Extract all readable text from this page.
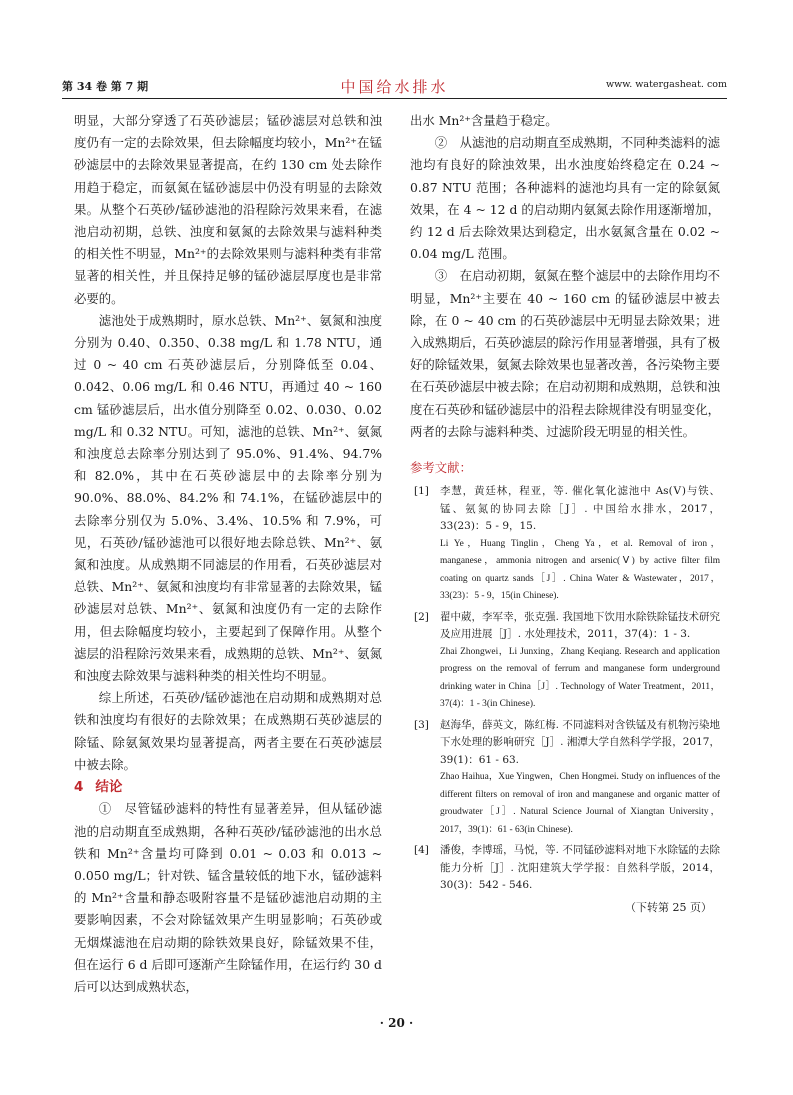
第 34 卷 第 7 期	中国给水排水	www. watergasheat. com

明显，大部分穿透了石英砂滤层；锰砂滤层对总铁和浊度仍有一定的去除效果，但去除幅度均较小，Mn²⁺在锰砂滤层中的去除效果显著提高，在约 130 cm 处去除作用趋于稳定，而氨氮在锰砂滤层中仍没有明显的去除效果。从整个石英砂/锰砂滤池的沿程除污效果来看，在滤池启动初期，总铁、浊度和氨氮的去除效果与滤料种类的相关性不明显，Mn²⁺的去除效果则与滤料种类有非常显著的相关性，并且保持足够的锰砂滤层厚度也是非常必要的。

滤池处于成熟期时，原水总铁、Mn²⁺、氨氮和浊度分别为 0.40、0.350、0.38 mg/L 和 1.78 NTU，通过 0 ~ 40 cm 石英砂滤层后，分别降低至 0.04、0.042、0.06 mg/L 和 0.46 NTU，再通过 40 ~ 160 cm 锰砂滤层后，出水值分别降至 0.02、0.030、0.02 mg/L 和 0.32 NTU。可知，滤池的总铁、Mn²⁺、氨氮和浊度总去除率分别达到了 95.0%、91.4%、94.7% 和 82.0%，其中在石英砂滤层中的去除率分别为 90.0%、88.0%、84.2% 和 74.1%，在锰砂滤层中的去除率分别仅为 5.0%、3.4%、10.5% 和 7.9%，可见，石英砂/锰砂滤池可以很好地去除总铁、Mn²⁺、氨氮和浊度。从成熟期不同滤层的作用看，石英砂滤层对总铁、Mn²⁺、氨氮和浊度均有非常显著的去除效果，锰砂滤层对总铁、Mn²⁺、氨氮和浊度仍有一定的去除作用，但去除幅度均较小，主要起到了保障作用。从整个滤层的沿程除污效果来看，成熟期的总铁、Mn²⁺、氨氮和浊度去除效果与滤料种类的相关性均不明显。

综上所述，石英砂/锰砂滤池在启动期和成熟期对总铁和浊度均有很好的去除效果；在成熟期石英砂滤层的除锰、除氨氮效果均显著提高，两者主要在石英砂滤层中被去除。

4 结论

①　尽管锰砂滤料的特性有显著差异，但从锰砂滤池的启动期直至成熟期，各种石英砂/锰砂滤池的出水总铁和 Mn²⁺含量均可降到 0.01 ~ 0.03 和 0.013 ~ 0.050 mg/L；针对铁、锰含量较低的地下水，锰砂滤料的 Mn²⁺含量和静态吸附容量不是锰砂滤池启动期的主要影响因素，不会对除锰效果产生明显影响；石英砂或无烟煤滤池在启动期的除铁效果良好，除锰效果不佳，但在运行 6 d 后即可逐渐产生除锰作用，在运行约 30 d 后可以达到成熟状态，

出水 Mn²⁺含量趋于稳定。

②　从滤池的启动期直至成熟期，不同种类滤料的滤池均有良好的除浊效果，出水浊度始终稳定在 0.24 ~ 0.87 NTU 范围；各种滤料的滤池均具有一定的除氨氮效果，在 4 ~ 12 d 的启动期内氨氮去除作用逐渐增加，约 12 d 后去除效果达到稳定，出水氨氮含量在 0.02 ~ 0.04 mg/L 范围。

③　在启动初期，氨氮在整个滤层中的去除作用均不明显，Mn²⁺主要在 40 ~ 160 cm 的锰砂滤层中被去除，在 0 ~ 40 cm 的石英砂滤层中无明显去除效果；进入成熟期后，石英砂滤层的除污作用显著增强，具有了极好的除锰效果，氨氮去除效果也显著改善，各污染物主要在石英砂滤层中被去除；在启动初期和成熟期，总铁和浊度在石英砂和锰砂滤层中的沿程去除规律没有明显变化，两者的去除与滤料种类、过滤阶段无明显的相关性。

参考文献：
[1] 李慧，黄廷林，程亚，等. 催化氧化滤池中 As(Ⅴ)与铁、锰、氨氮的协同去除［J］. 中国给水排水，2017，33(23)：5 - 9，15.

Li Ye，Huang Tinglin，Cheng Ya，et al. Removal of iron，manganese，ammonia nitrogen and arsenic(Ⅴ) by active filter film coating on quartz sands［J］. China Water & Wastewater，2017，33(23)：5 - 9，15(in Chinese).

[2] 翟中葳，李军幸，张克强. 我国地下饮用水除铁除锰技术研究及应用进展［J］. 水处理技术，2011，37(4)：1 - 3.

Zhai Zhongwei，Li Junxing，Zhang Keqiang. Research and application progress on the removal of ferrum and manganese form underground drinking water in China［J］. Technology of Water Treatment，2011，37(4)：1 - 3(in Chinese).

[3] 赵海华，薛英文，陈红梅. 不同滤料对含铁锰及有机物污染地下水处理的影响研究［J］. 湘潭大学自然科学学报，2017，39(1)：61 - 63.

Zhao Haihua，Xue Yingwen，Chen Hongmei. Study on influences of the different filters on removal of iron and manganese and organic matter of groudwater［J］. Natural Science Journal of Xiangtan University，2017，39(1)：61 - 63(in Chinese).

[4] 潘俊，李博瑶，马悦，等. 不同锰砂滤料对地下水除锰的去除能力分析［J］. 沈阳建筑大学学报：自然科学版，2014，30(3)：542 - 546.

（下转第 25 页）

· 20 ·
